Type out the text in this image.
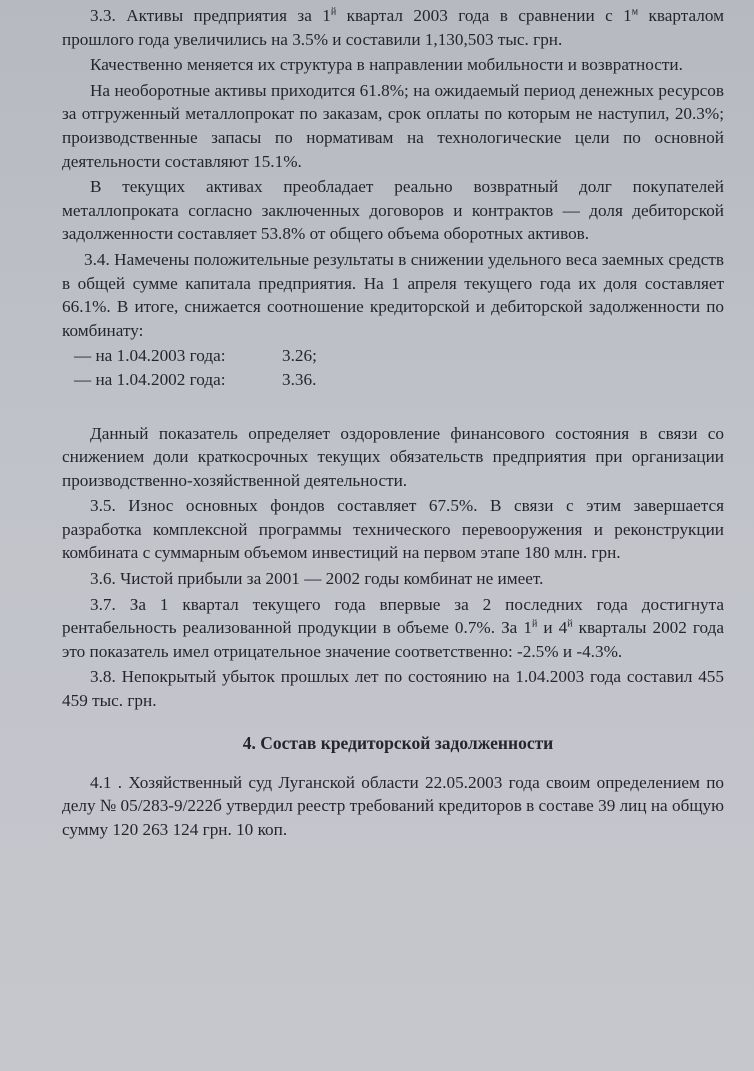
3.3. Активы предприятия за $1^й$ квартал 2003 года в сравнении с $1^м$ кварталом прошлого года увеличились на 3.5% и составили 1,130,503 тыс. грн.

Качественно меняется их структура в направлении мобильности и возвратности.

На необоротные активы приходится 61.8%; на ожидаемый период денежных ресурсов за отгруженный металлопрокат по заказам, срок оплаты по которым не наступил, 20.3%; производственные запасы по нормативам на технологические цели по основной деятельности составляют 15.1%.

В текущих активах преобладает реально возвратный долг покупателей металлопроката согласно заключенных договоров и контрактов — доля дебиторской задолженности составляет 53.8% от общего объема оборотных активов.

3.4. Намечены положительные результаты в снижении удельного веса заемных средств в общей сумме капитала предприятия. На 1 апреля текущего года их доля составляет 66.1%. В итоге, снижается соотношение кредиторской и дебиторской задолженности по комбинату:

— на 1.04.2003 года:	3.26;
— на 1.04.2002 года:	3.36.

Данный показатель определяет оздоровление финансового состояния в связи со снижением доли краткосрочных текущих обязательств предприятия при организации производственно-хозяйственной деятельности.

3.5. Износ основных фондов составляет 67.5%. В связи с этим завершается разработка комплексной программы технического перевооружения и реконструкции комбината с суммарным объемом инвестиций на первом этапе 180 млн. грн.

3.6. Чистой прибыли за 2001 — 2002 годы комбинат не имеет.

3.7. За 1 квартал текущего года впервые за 2 последних года достигнута рентабельность реализованной продукции в объеме 0.7%. За $1^й$ и $4^й$ кварталы 2002 года это показатель имел отрицательное значение соответственно: -2.5% и -4.3%.

3.8. Непокрытый убыток прошлых лет по состоянию на 1.04.2003 года составил 455 459 тыс. грн.

4. Состав кредиторской задолженности

4.1 . Хозяйственный суд Луганской области 22.05.2003 года своим определением по делу № 05/283-9/222б утвердил реестр требований кредиторов в составе 39 лиц на общую сумму 120 263 124 грн. 10 коп.
